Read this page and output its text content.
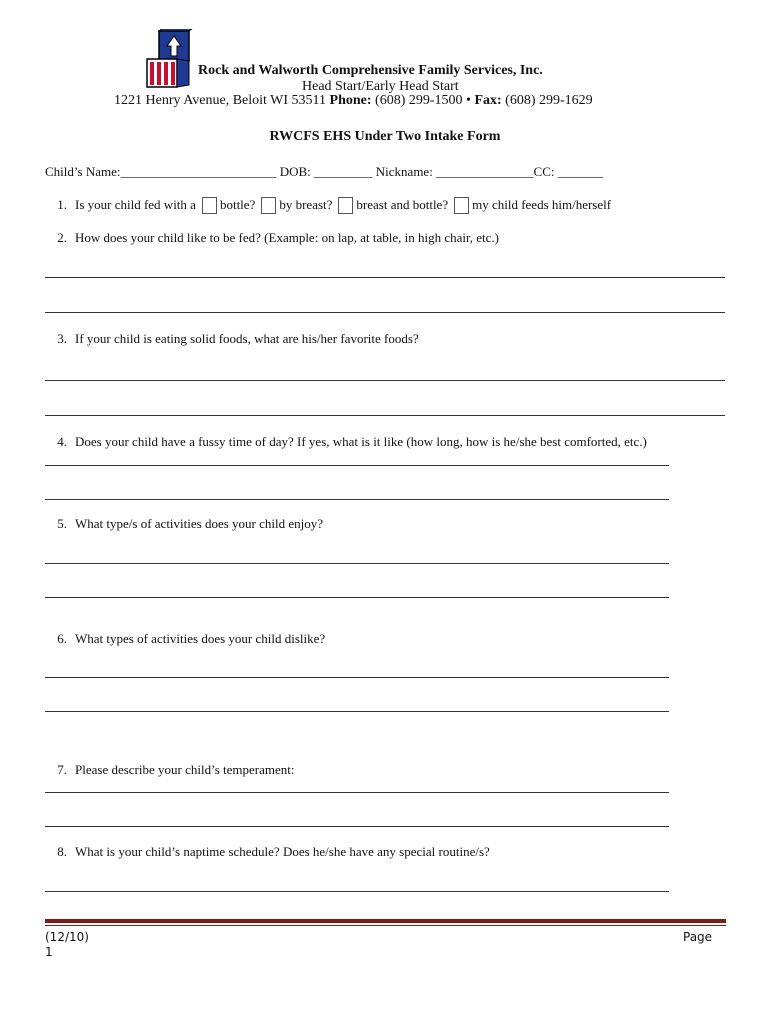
Rock and Walworth Comprehensive Family Services, Inc.
Head Start/Early Head Start
1221 Henry Avenue, Beloit WI 53511 Phone: (608) 299-1500 • Fax: (608) 299-1629
RWCFS EHS Under Two Intake Form
Child’s Name:________________________ DOB: _________ Nickname: _______________CC: _______
1. Is your child fed with a bottle? by breast? breast and bottle? my child feeds him/herself
2. How does your child like to be fed? (Example: on lap, at table, in high chair, etc.)
3. If your child is eating solid foods, what are his/her favorite foods?
4. Does your child have a fussy time of day? If yes, what is it like (how long, how is he/she best comforted, etc.)
5. What type/s of activities does your child enjoy?
6. What types of activities does your child dislike?
7. Please describe your child’s temperament:
8. What is your child’s naptime schedule? Does he/she have any special routine/s?
(12/10)
1
Page
